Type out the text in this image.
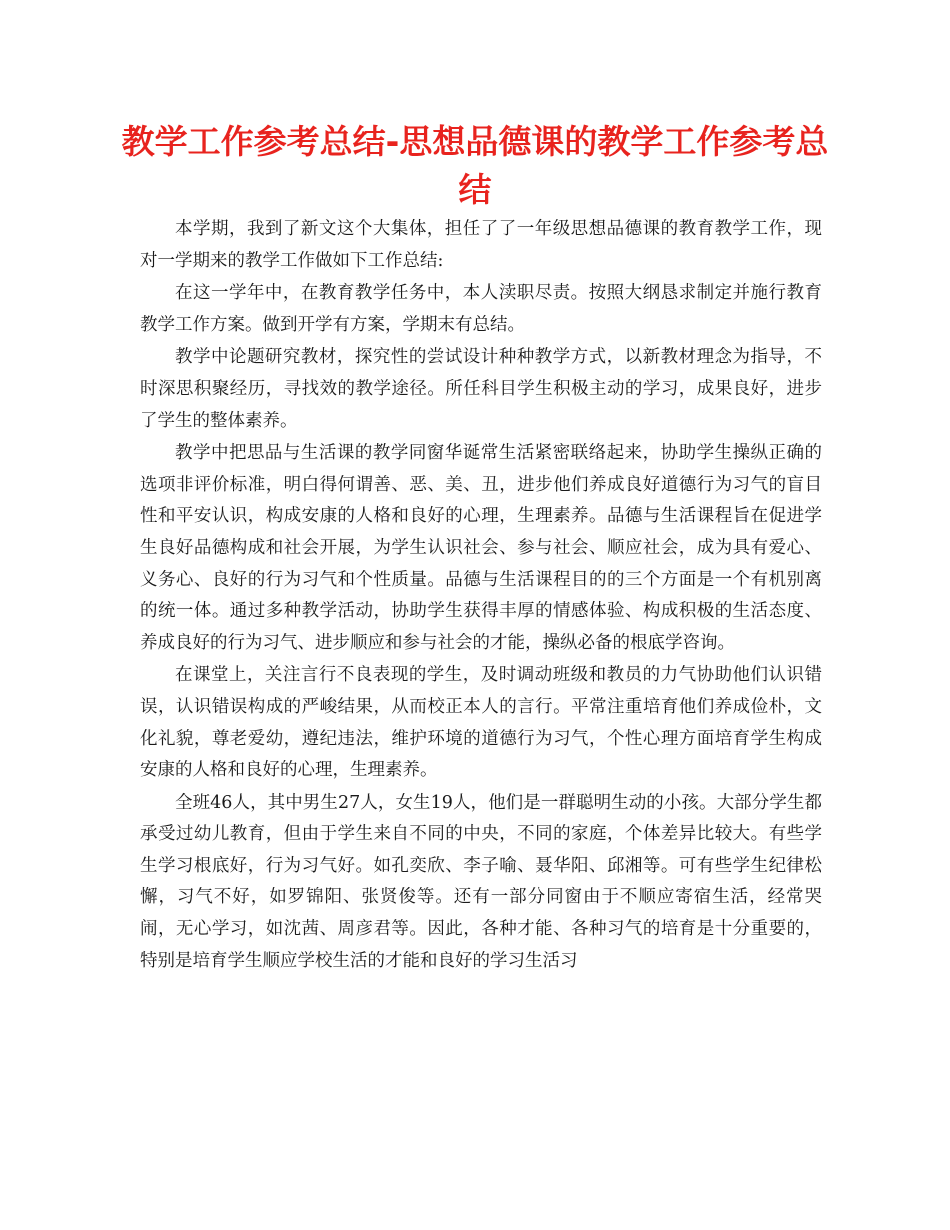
教学工作参考总结-思想品德课的教学工作参考总结

本学期，我到了新文这个大集体，担任了了一年级思想品德课的教育教学工作，现对一学期来的教学工作做如下工作总结:

在这一学年中，在教育教学任务中，本人渎职尽责。按照大纲恳求制定并施行教育教学工作方案。做到开学有方案，学期末有总结。

教学中论题研究教材，探究性的尝试设计种种教学方式，以新教材理念为指导，不时深思积聚经历，寻找效的教学途径。所任科目学生积极主动的学习，成果良好，进步了学生的整体素养。

教学中把思品与生活课的教学同窗华诞常生活紧密联络起来，协助学生操纵正确的选项非评价标准，明白得何谓善、恶、美、丑，进步他们养成良好道德行为习气的盲目性和平安认识，构成安康的人格和良好的心理，生理素养。品德与生活课程旨在促进学生良好品德构成和社会开展，为学生认识社会、参与社会、顺应社会，成为具有爱心、义务心、良好的行为习气和个性质量。品德与生活课程目的的三个方面是一个有机别离的统一体。通过多种教学活动，协助学生获得丰厚的情感体验、构成积极的生活态度、养成良好的行为习气、进步顺应和参与社会的才能，操纵必备的根底学咨询。

在课堂上，关注言行不良表现的学生，及时调动班级和教员的力气协助他们认识错误，认识错误构成的严峻结果，从而校正本人的言行。平常注重培育他们养成俭朴，文化礼貌，尊老爱幼，遵纪违法，维护环境的道德行为习气，个性心理方面培育学生构成安康的人格和良好的心理，生理素养。

全班46人，其中男生27人，女生19人，他们是一群聪明生动的小孩。大部分学生都承受过幼儿教育，但由于学生来自不同的中央，不同的家庭，个体差异比较大。有些学生学习根底好，行为习气好。如孔奕欣、李子喻、聂华阳、邱湘等。可有些学生纪律松懈，习气不好，如罗锦阳、张贤俊等。还有一部分同窗由于不顺应寄宿生活，经常哭闹，无心学习，如沈茜、周彦君等。因此，各种才能、各种习气的培育是十分重要的，特别是培育学生顺应学校生活的才能和良好的学习生活习
